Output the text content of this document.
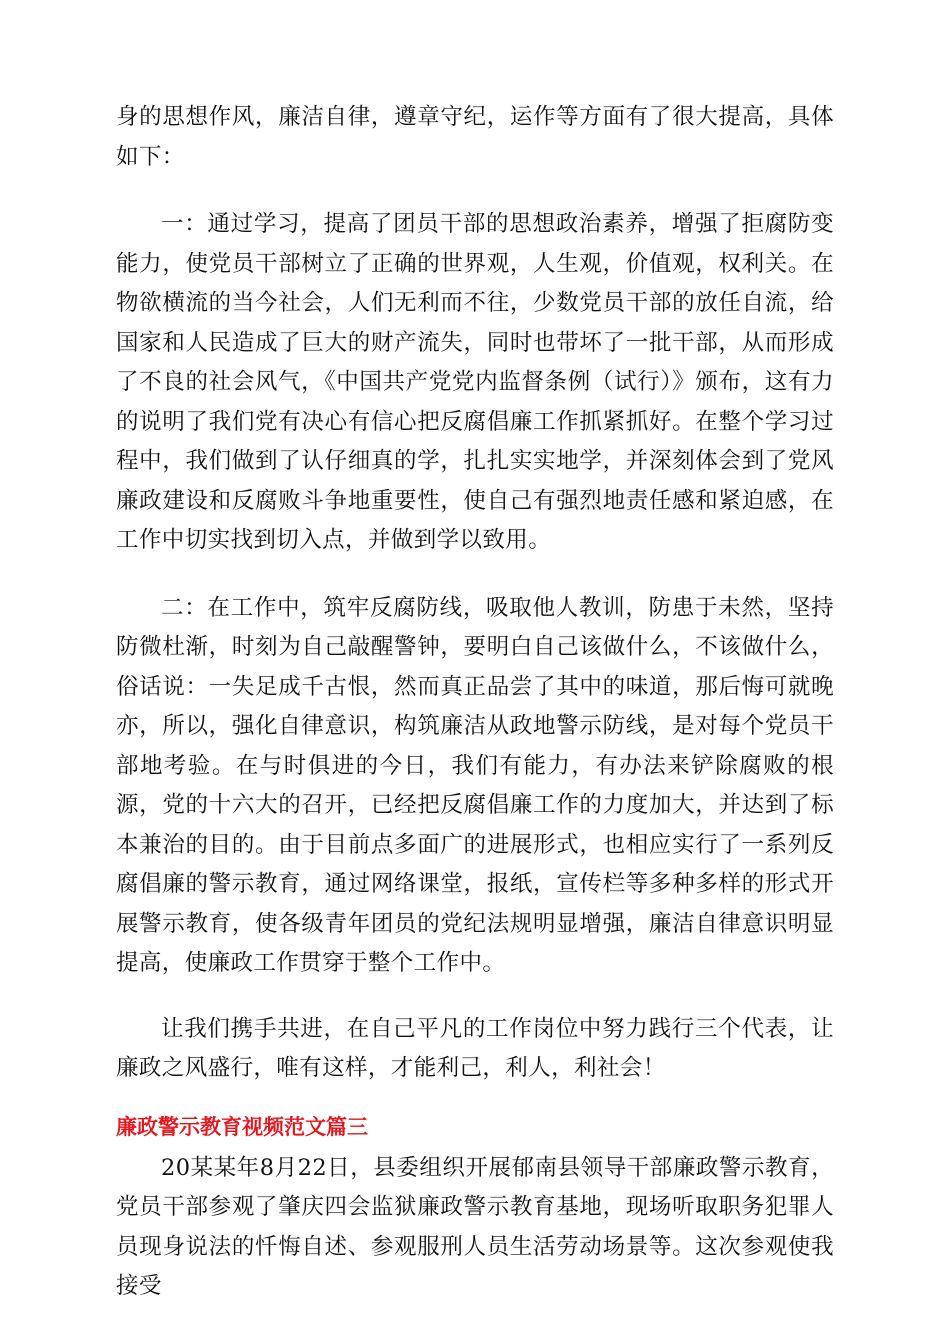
身的思想作风，廉洁自律，遵章守纪，运作等方面有了很大提高，具体如下：

一：通过学习，提高了团员干部的思想政治素养，增强了拒腐防变能力，使党员干部树立了正确的世界观，人生观，价值观，权利关。在物欲横流的当今社会，人们无利而不往，少数党员干部的放任自流，给国家和人民造成了巨大的财产流失，同时也带坏了一批干部，从而形成了不良的社会风气，《中国共产党党内监督条例（试行）》颁布，这有力的说明了我们党有决心有信心把反腐倡廉工作抓紧抓好。在整个学习过程中，我们做到了认仔细真的学，扎扎实实地学，并深刻体会到了党风廉政建设和反腐败斗争地重要性，使自己有强烈地责任感和紧迫感，在工作中切实找到切入点，并做到学以致用。

二：在工作中，筑牢反腐防线，吸取他人教训，防患于未然，坚持防微杜渐，时刻为自己敲醒警钟，要明白自己该做什么，不该做什么，俗话说：一失足成千古恨，然而真正品尝了其中的味道，那后悔可就晚亦，所以，强化自律意识，构筑廉洁从政地警示防线，是对每个党员干部地考验。在与时俱进的今日，我们有能力，有办法来铲除腐败的根源，党的十六大的召开，已经把反腐倡廉工作的力度加大，并达到了标本兼治的目的。由于目前点多面广的进展形式，也相应实行了一系列反腐倡廉的警示教育，通过网络课堂，报纸，宣传栏等多种多样的形式开展警示教育，使各级青年团员的党纪法规明显增强，廉洁自律意识明显提高，使廉政工作贯穿于整个工作中。

让我们携手共进，在自己平凡的工作岗位中努力践行三个代表，让廉政之风盛行，唯有这样，才能利己，利人，利社会！

廉政警示教育视频范文篇三

20某某年8月22日，县委组织开展郁南县领导干部廉政警示教育，党员干部参观了肇庆四会监狱廉政警示教育基地，现场听取职务犯罪人员现身说法的忏悔自述、参观服刑人员生活劳动场景等。这次参观使我接受
